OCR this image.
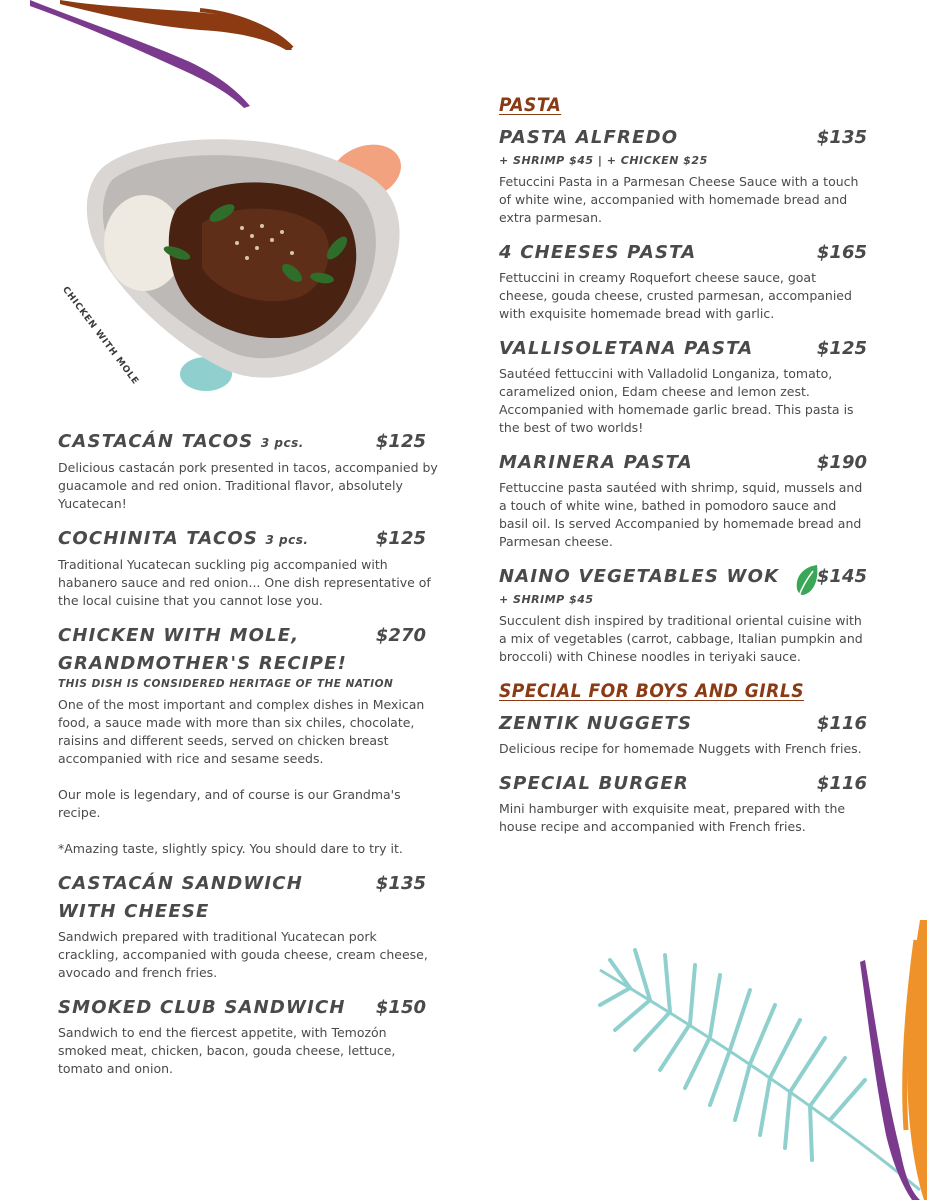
CHICKEN WITH MOLE
CASTACÁN TACOS 3 pcs.	$125

Delicious castacán pork presented in tacos, accompanied by guacamole and red onion. Traditional flavor, absolutely Yucatecan!

COCHINITA TACOS 3 pcs.	$125

Traditional Yucatecan suckling pig accompanied with habanero sauce and red onion... One dish representative of the local cuisine that you cannot lose you.

CHICKEN WITH MOLE, GRANDMOTHER'S RECIPE!
$270
THIS DISH IS CONSIDERED HERITAGE OF THE NATION

One of the most important and complex dishes in Mexican food, a sauce made with more than six chiles, chocolate, raisins and different seeds, served on chicken breast accompanied with rice and sesame seeds.

Our mole is legendary, and of course is our Grandma's recipe.

*Amazing taste, slightly spicy. You should dare to try it.

CASTACÁN SANDWICH WITH CHEESE
$135

Sandwich prepared with traditional Yucatecan pork crackling, accompanied with gouda cheese, cream cheese, avocado and french fries.

SMOKED CLUB SANDWICH $150

Sandwich to end the fiercest appetite, with Temozón smoked meat, chicken, bacon, gouda cheese, lettuce, tomato and onion.

PASTA
PASTA ALFREDO	$135
+ SHRIMP $45 | + CHICKEN $25

Fetuccini Pasta in a Parmesan Cheese Sauce with a touch of white wine, accompanied with homemade bread and extra parmesan.

4 CHEESES PASTA	$165

Fettuccini in creamy Roquefort cheese sauce, goat cheese, gouda cheese, crusted parmesan, accompanied with exquisite homemade bread with garlic.

VALLISOLETANA PASTA	$125

Sautéed fettuccini with Valladolid Longaniza, tomato, caramelized onion, Edam cheese and lemon zest. Accompanied with homemade garlic bread. This pasta is the best of two worlds!

MARINERA PASTA	$190

Fettuccine pasta sautéed with shrimp, squid, mussels and a touch of white wine, bathed in pomodoro sauce and basil oil. Is served Accompanied by homemade bread and Parmesan cheese.

NAINO VEGETABLES WOK $145
+ SHRIMP $45

Succulent dish inspired by traditional oriental cuisine with a mix of vegetables (carrot, cabbage, Italian pumpkin and broccoli) with Chinese noodles in teriyaki sauce.

SPECIAL FOR BOYS AND GIRLS
ZENTIK NUGGETS	$116

Delicious recipe for homemade Nuggets with French fries.

SPECIAL BURGER	$116

Mini hamburger with exquisite meat, prepared with the house recipe and accompanied with French fries.
